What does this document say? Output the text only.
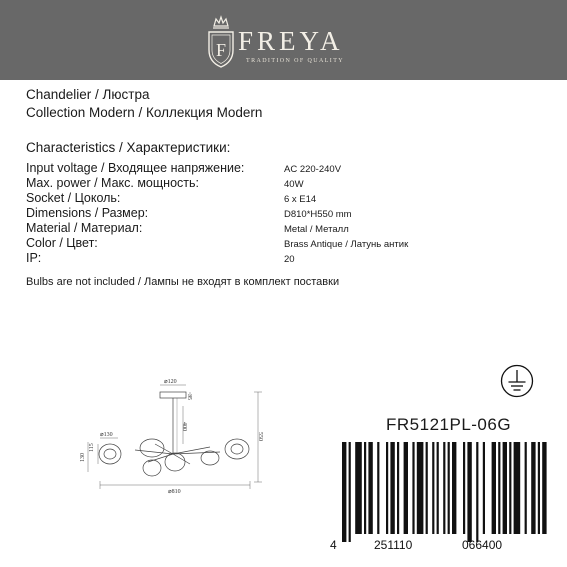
F FREYA
TRADITION OF QUALITY
Chandelier / Люстра
Collection Modern / Коллекция Modern
Characteristics / Характеристики:
Input voltage / Входящее напряжение:	AC 220-240V
Max. power / Макс. мощность:	40W
Socket / Цоколь:	6 x E14
Dimensions / Размер:	D810*H550 mm
Material / Материал:	Metal / Металл
Color / Цвет:	Brass Antique / Латунь антик
IP:	20
Bulbs are not included / Лампы не входят в комплект поставки
⌀120
35
400
550
⌀130
115
130
⌀810
FR5121PL-06G
4	251110	066400
